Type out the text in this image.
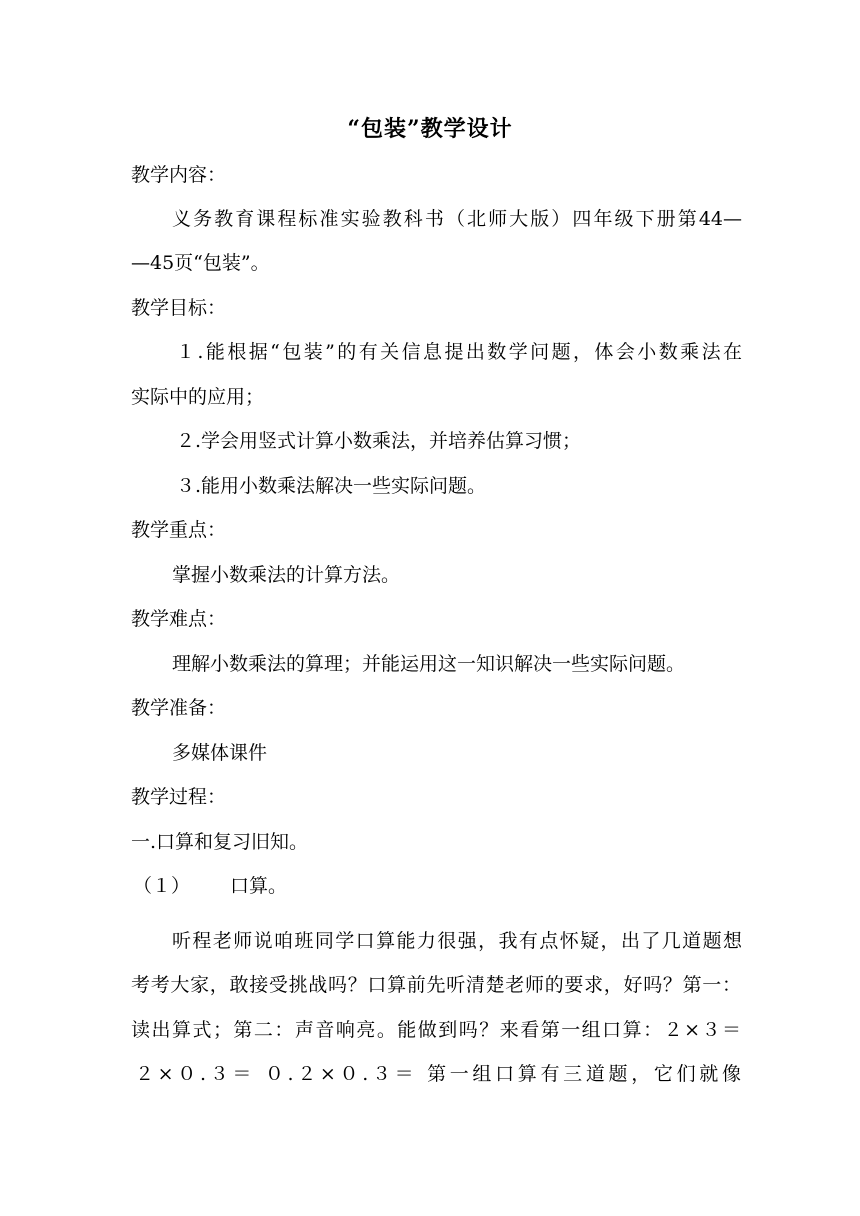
“包装”教学设计
教学内容：
义务教育课程标准实验教科书（北师大版）四年级下册第44—
—45页“包装”。
教学目标：
１.能根据“包装”的有关信息提出数学问题，体会小数乘法在
实际中的应用；
２.学会用竖式计算小数乘法，并培养估算习惯；
３.能用小数乘法解决一些实际问题。
教学重点：
掌握小数乘法的计算方法。
教学难点：
理解小数乘法的算理；并能运用这一知识解决一些实际问题。
教学准备：
多媒体课件
教学过程：
一.口算和复习旧知。
（１） 口算。
听程老师说咱班同学口算能力很强，我有点怀疑，出了几道题想
考考大家，敢接受挑战吗？口算前先听清楚老师的要求，好吗？第一：
读出算式；第二：声音响亮。能做到吗？来看第一组口算：２×３＝
２×０.３＝ ０.２×０.３＝ 第一组口算有三道题，它们就像
